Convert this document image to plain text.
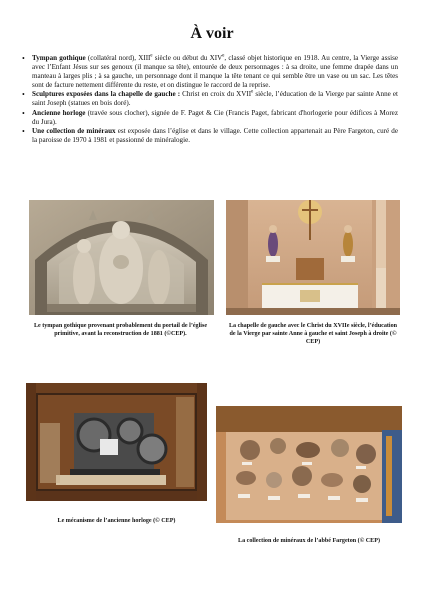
À voir
• Tympan gothique (collatéral nord), XIIIe siècle ou début du XIVe, classé objet historique en 1918. Au centre, la Vierge assise avec l’Enfant Jésus sur ses genoux (il manque sa tête), entourée de deux personnages : à sa droite, une femme drapée dans un manteau à larges plis ; à sa gauche, un personnage dont il manque la tête tenant ce qui semble être un vase ou un sac. Les têtes sont de facture nettement différente du reste, et on distingue le raccord de la reprise.
• Sculptures exposées dans la chapelle de gauche : Christ en croix du XVIIe siècle, l’éducation de la Vierge par sainte Anne et saint Joseph (statues en bois doré).
• Ancienne horloge (travée sous clocher), signée de F. Paget & Cie (Francis Paget, fabricant d'horlogerie pour édifices à Morez du Jura).
• Une collection de minéraux est exposée dans l’église et dans le village. Cette collection appartenait au Père Fargeton, curé de la paroisse de 1970 à 1981 et passionné de minéralogie.
Le tympan gothique provenant probablement du portail de l’église primitive, avant la reconstruction de 1881 (©CEP).
La chapelle de gauche avec le Christ du XVIIe siècle, l’éducation de la Vierge par sainte Anne à gauche et saint Joseph à droite (© CEP)
Le mécanisme de l’ancienne horloge (© CEP)
La collection de minéraux de l’abbé Fargeton (© CEP)
